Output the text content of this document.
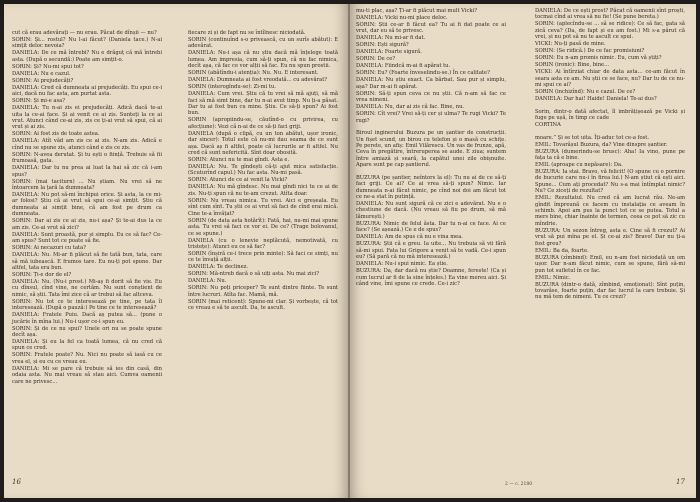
cut că erau adevărați — nu erau. Păcat de dînșii — nu?

SORIN: Și... rostul? Nu l-ai făcut? (Daniela tace.) N-ai simțit deloc nevoia?

DANIELA: De ce mă întrebi? Nu e drăguț că mă întrebi asta. (După o secundă:) Poate am simțit-o.

SORIN: Și? Nu-mi spui tot?

DANIELA: Nu e cazul.

SORIN: Ai prejudecăți?

DANIELA: Cred că dumneata ai prejudecăți. Eu spui ce-i aici, dacă nu fac asta, am purtat asta.

SORIN: Și mi-e asa?

DANIELA: Tu n-ai zis ei prejudecăți. Adică dacă te-ai uita la ce-ai face. Și ai venit ce ai zis. Sunteți la ce ai vrut. Atunci când ce-ai zis, zis ce ți-ai vrut să spui, că ai vrut și ai zis.

SORIN: Ai fost zis de toate astea.

DANIELA: Atît văd am zis ce ai zis. N-am zis. Adică e cînd nu se spune zis, atunci când e zis ce zis.

SORIN: N-avea derutat. Și tu ești o ființă. Trebuie să fii frumoasă, gata.

DANIELA: Dar tu nu prea ai luat la hai să zic că i-am spus?

SORIN: (mai taciturn) ... Nu știam. Nu vrei să ne întoarcem la țară la dumneata?

DANIELA: Nu pot să-mi închipui orice. Și asta, la ce mi-ar folosi? Știu că ai vrut să spui ce-ai simțit. Știu că dumneata ai simțit bine, că am fost pe drum ca dumneata.

SORIN: Dar ai zis ce ai zis, nu-i așa? Și te-ai dus la ce am zis. Ce-ai vrut să zici?

DANIELA: Sunt proastă, pur și simplu. Eu ce să fac? Ce-am spus? Sunt tot ce poate să fie.

SORIN: Ai necazuri cu tata?

DANIELA: Nu. Mi-ar fi plăcut să fie tată bun, tata, care să mă iubească. E frumos tare. Eu nu-ți pot spune. Dar altfel, tata era bun.

SORIN: Ți-e dor de el?

DANIELA: Nu. (Nu-i prost.) Mi-aș fi dorit să fie vie. Eu cu dînsul, cînd vine, ne certăm. Nu sunt conștient de nimic, să știi. Tata îmi zice că ar trebui să fac altceva.

SORIN: Nu tot ce te interesează pe tine, pe tata îl interesează. (După o pauză:) Pe tine ce te interesează?

DANIELA: Fratele Puiu. Dacă aș putea să... (pune o jucărie în mîna lui.) Nu-i ușor ce-i spun eu.

SORIN: Și de ce nu spui? Unele ori nu se poate spune decît așa.

DANIELA: Și eu la fel ca toată lumea, că nu cred că spun ce cred.

SORIN: Fratele poate? Nu. Nici nu poate să iasă cu ce vrea el, și eu cu ce vreau eu.

DANIELA: Mi se pare că trebuie să ies din casă, din odaia asta. Nu mai vreau să stau aici. Cumva oamenii care ne privesc...

fiecare zi și de fapt nu se întîlnesc niciodată.

SORIN (continuînd s-o privească, cu un surîs abătut): E adevărat.

DANIELA: Nu-i așa că nu știu dacă mă înțelege toată lumea. Am impresia, cum să-ți spun, că nu fac nimica, decît așa, că fac ce vor alții să fac. Eu nu spun prostii.

SORIN (abătîndu-i atenția): Nu. Nu. E interesant.

DANIELA: Dumneata ai fost vreodată... cu adevărat?

SORIN (interogîndu-se): Zi-mi tu.

DANIELA: Cum vrei. Știu că tu vrei să mă ajuți, să mă faci să mă simt bine, dar tu n-ai avut timp. Nu ți-a păsat. Dar tu ai fost bun cu mine. Știu. Ce să-ți spun? Ai fost bun.

SORIN (apropiindu-se, căutînd-o cu privirea, cu afecțiune): Vezi că n-ai de ce să-ți faci griji.

DANIELA (după o clipă, cu un ton abătut, ușor ironic, dar sincer): Totul este că nu-mi dau seama de ce sunt așa. Dacă aș fi altfel, poate că lucrurile ar fi altfel. Nu cred că sunt nefericită. Sînt doar obosită.

SORIN: Atunci nu te mai gîndi. Asta e.

DANIELA: Nu. Te gîndești că-ți ajut mica satisfacție. (Scuturînd capul.) Nu fac asta. Nu-mi pasă.

SORIN: Atunci de ce ai venit la Vicki?

DANIELA: Nu mă gîndesc. Nu mai gîndi nici tu ce ai de zis. Nu-ți spun că nu te-am crezut. Atîta doar.

SORIN: Nu vreau nimica. Tu vrei. Aici e greșeala. Eu sînt cum sînt. Tu știi ce ai vrut să faci de cînd erai mică. Cine te-a învățat?

SORIN (de data asta hotărît): Fată, hai, nu-mi mai spune asta. Tu vrei să faci ce vor ei. De ce? (Trage bolovanul, ce se spune.)

DANIELA (cu o lenevie neplăcută, nemotivată, cu tristețe): Atunci eu ce să fac?

SORIN (înșiră ce-i trece prin minte): Să faci ce simți, nu ce te învață alții.

DANIELA: Te declinez.

SORIN: Mă-ntreb dacă o să uiți asta. Nu mai zici?

DANIELA: Nu.

SORIN: Nu poți priceper? Te sunt dintre fiinte. Te sunt între lucruri. Atîta fac. Mamă, mă.

SORIN (mai reticent): Spune-mi clar. Și vorbește, că tot ce vreau e să te ascult. Da, te ascult.

16

mu-ti plac, așa? Ți-ar fi plăcut mai mult Vicki?

DANIELA: Vicki nu-mi place deloc.

SORIN: Știi ce-ar fi făcut ea? Tu ai fi dat poate ce ai vrut, dar eu să te privesc.

DANIELA: Nu mi-ar fi dat.

SORIN: Ești sigură?

DANIELA: Foarte sigură.

SORIN: De ce?

DANIELA: Fiindcă m-ai fi apărat tu.

SORIN: Eu? (Foarte înveselindu-se.) În ce calitate?

DANIELA: Nu știu exact. Ca bărbat. Sau pur și simplu, așa? Dar m-ai fi apărat.

SORIN: Să-ți spun ceva ce nu știi. Că n-am să fac ce vrea nimeni.

DANIELA: Nu, dar ai zis că fac. Bine, nu.

SORIN: Cît vrei? Vrei să-ți cer și ulma? Te rugi Vicki? Te rugi?

Biroul inginerului Buzura pe un șantier de construcții. Un fișet scund, un birou cu telefon și o masă cu schițe. Pe perete, un afiș: Emil Vilărescu. Un vas de frunze, apă, Ceva în pregătire, întreruperea se aude. E ziua; suntem între amiază și seară, la capătul unei zile obișnuite. Apare sunt pe cap șantierul.

BUZURA (pe șantier, neîntors la el): Tu nu ai de ce să-ți faci griji. Ce ai? Ce ai vrea să-ți spun? Nimic. Iar dumneata n-ai făcut nimic, pe cînd noi doi am făcut tot ce ne-a stat în putință.

DANIELA: Nu sunt sigură că ce zici e adevărat. Nu e o chestiune de dacă. (Nu vreau să fiu pe drum, să mă lămurești.)

BUZURA: Nimic de felul ăsta. Dar tu n-ai ce face. Ai ce face? (Se așează.) Ce e de spus?

DANIELA: Am de spus că nu e vina mea.

BUZURA: Știi că e greu. Ia uite... Nu trebuia să vii fără să-mi spui. Fata lui Grigore a venit să te vadă. Ce-i spun eu? (Să pară că nu mă interesează.)

DANIELA: Nu-i spui nimic. Ea știe.

BUZURA: Da, dar dacă nu știe? Doamne, fereste! (Ca și cum lucrul ar fi de la sine înțeles.) Ea vine mereu aici. Și când vine, îmi spune ce crede. Ce-i zic?

DANIELA: De ce ești prost? Păcat că oamenii sînt proști, tocmai cînd ai vrea să nu fie! (Se pune bereta.)

SORIN: (aplecîndu-se ... să se ridice): Ce să fac, gata să zică ceva? (Da, de fapt și eu am fost.) Mi s-a părut că vrei, și nu pot să nu te ascult ce spui.

VICKI: Nu-ți pasă de mine.

SORIN: (Se ridică.) De ce fac promisiuni?

SORIN: Eu n-am promis nimic. Eu, cum vă știți?

SORIN (ironic): Bine, bine...

VICKI: Ai întîrziat chiar de data asta... ce-am făcut în seara asta ce am. Nu știi ce se face, nu? Dar tu de ce nu-mi spui ce ai?

SORIN (inchizînd): Nu e cazul. De ce?

DANIELA: Dar hai! Haide! Daniela! Te-ai dus?

Sorin, dintr-o dată afectat, îl imbrățișează pe Vicki și fuge pe ușă, în timp ce cade

CORTINA

moare.” Și se tot uita. Îți-aduc tot ce-a fost.

EMIL: Tovarășul Buzura, da? Vine dinspre șantier.

BUZURA (dumerindu-se brusc): Aha! Ia vino, pune pe fața ta că e bine.

EMIL (aproape cu nepăsare): Da.

BUZURA: Ia stai. Bravo, vă felicit! (O spune cu o pornire de bucurie care nu-i în firea lui.) N-am știut că ești aici. Spune... Cum ați procedat? Nu s-a mai întîmplat nimic? Nu? Ce ziceți de rezultat?

EMIL: Rezultatul. Nu cred că am lucrat rău. Ne-am gîndit împreună ce facem cu instalația ce aveam în schimb. Apoi am pus la punct tot ce se putea. Totul a mers bine, chiar înainte de termen, ceea ce pot să zic cu mîndrie.

BUZURA: Un sezon întreg, asta e. Cine să fi crezut? Ai vrut să pui mîna pe el. Și ce-ai zis? Bravo! Dar nu ți-a fost greu?

EMIL: Ba da, foarte.

BUZURA (zîmbind): Emil, eu n-am fost niciodată un om ușor. Dar n-am făcut nimic, cum se spune, fără să-mi pun tot sufletul în ce fac.

EMIL: Nimic.

BUZURA (dintr-o dată, zîmbind, emoționat): Sînt puțin, tovarăse, foarte puțin, dar fac lucrul la care trebuie. Și nu mă tem de nimeni. Tu ce crezi?

2 — c. 2180	17
